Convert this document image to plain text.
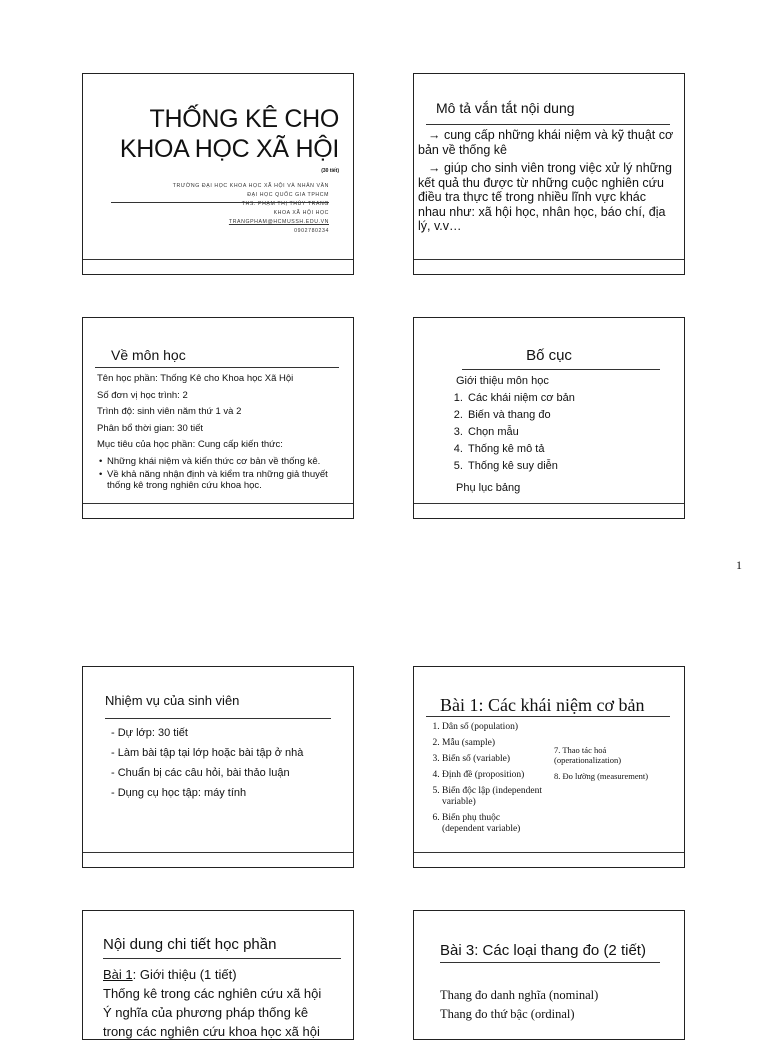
THỐNG KÊ CHO
KHOA HỌC XÃ HỘI
(30 tiết)
TRƯỜNG ĐẠI HỌC KHOA HỌC XÃ HỘI VÀ NHÂN VĂN
ĐẠI HỌC QUỐC GIA TPHCM
THS. PHẠM THỊ THÙY TRANG
KHOA XÃ HỘI HỌC
TRANGPHAM@HCMUSSH.EDU.VN
0902780234
Mô tả vắn tắt nội dung

→ cung cấp những khái niệm và kỹ thuật cơ bản về thống kê

→ giúp cho sinh viên trong việc xử lý những kết quả thu được từ những cuộc nghiên cứu điều tra thực tế trong nhiều lĩnh vực khác nhau như: xã hội học, nhân học, báo chí, địa lý, v.v…

Về môn học
Tên học phần: Thống Kê cho Khoa học Xã Hội
Số đơn vị học trình: 2
Trình độ: sinh viên năm thứ 1 và 2
Phân bổ thời gian: 30 tiết
Mục tiêu của học phần: Cung cấp kiến thức:
• Những khái niệm và kiến thức cơ bản về thống kê.
• Về khả năng nhận định và kiểm tra những giả thuyết thống kê trong nghiên cứu khoa học.
Bố cục
Giới thiệu môn học
1. Các khái niệm cơ bản
2. Biến và thang đo
3. Chọn mẫu
4. Thống kê mô tả
5. Thống kê suy diễn
Phụ lục bảng
1
Nhiệm vụ của sinh viên
- Dự lớp: 30 tiết
- Làm bài tập tại lớp hoặc bài tập ở nhà
- Chuẩn bị các câu hỏi, bài thảo luận
- Dụng cụ học tập: máy tính
Bài 1: Các khái niệm cơ bản
1. Dân số (population)
2. Mẫu (sample)
3. Biến số (variable)
4. Định đề (proposition)
5. Biến độc lập (independent variable)
6. Biến phụ thuộc (dependent variable)
7. Thao tác hoá (operationalization)
8. Đo lường (measurement)
Nội dung chi tiết học phần
Bài 1: Giới thiệu (1 tiết)
Thống kê trong các nghiên cứu xã hội
Ý nghĩa của phương pháp thống kê
trong các nghiên cứu khoa học xã hội
Bài 3: Các loại thang đo (2 tiết)
Thang đo danh nghĩa (nominal)
Thang đo thứ bậc (ordinal)
